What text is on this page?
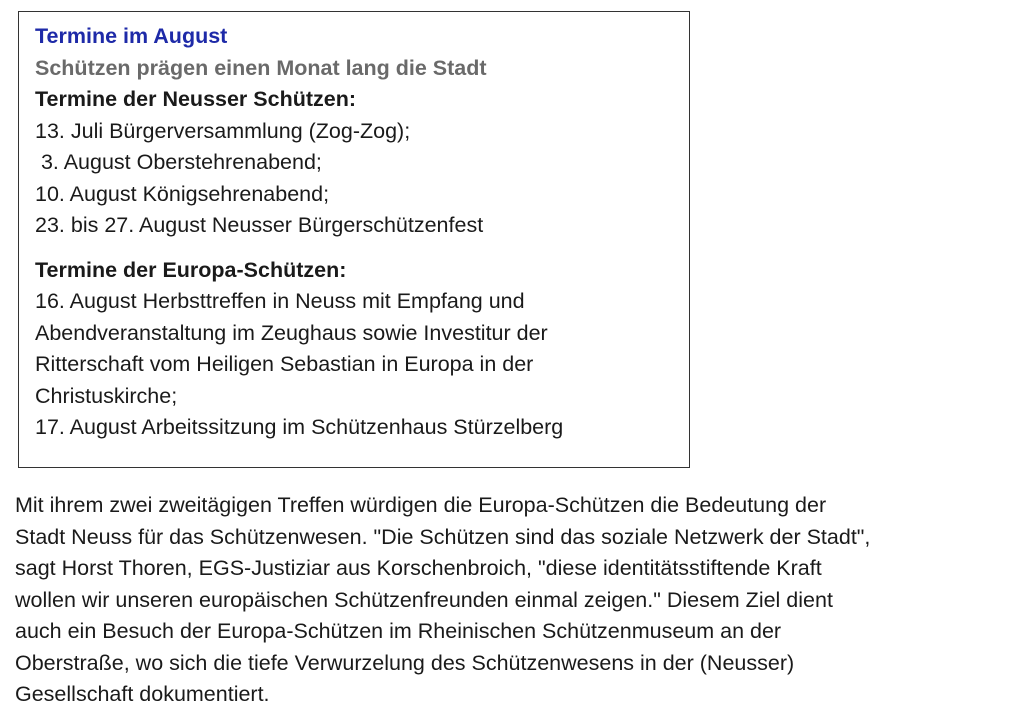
Termine im August
Schützen prägen einen Monat lang die Stadt
Termine der Neusser Schützen:
13. Juli Bürgerversammlung (Zog-Zog);
3. August Oberstehrenabend;
10. August Königsehrenabend;
23. bis 27. August Neusser Bürgerschützenfest
Termine der Europa-Schützen:
16. August Herbsttreffen in Neuss mit Empfang und
Abendveranstaltung im Zeughaus sowie Investitur der
Ritterschaft vom Heiligen Sebastian in Europa in der
Christuskirche;
17. August Arbeitssitzung im Schützenhaus Stürzelberg
Mit ihrem zwei zweitägigen Treffen würdigen die Europa-Schützen die Bedeutung der
Stadt Neuss für das Schützenwesen. "Die Schützen sind das soziale Netzwerk der Stadt",
sagt Horst Thoren, EGS-Justiziar aus Korschenbroich, "diese identitätsstiftende Kraft
wollen wir unseren europäischen Schützenfreunden einmal zeigen." Diesem Ziel dient
auch ein Besuch der Europa-Schützen im Rheinischen Schützenmuseum an der
Oberstraße, wo sich die tiefe Verwurzelung des Schützenwesens in der (Neusser)
Gesellschaft dokumentiert.
